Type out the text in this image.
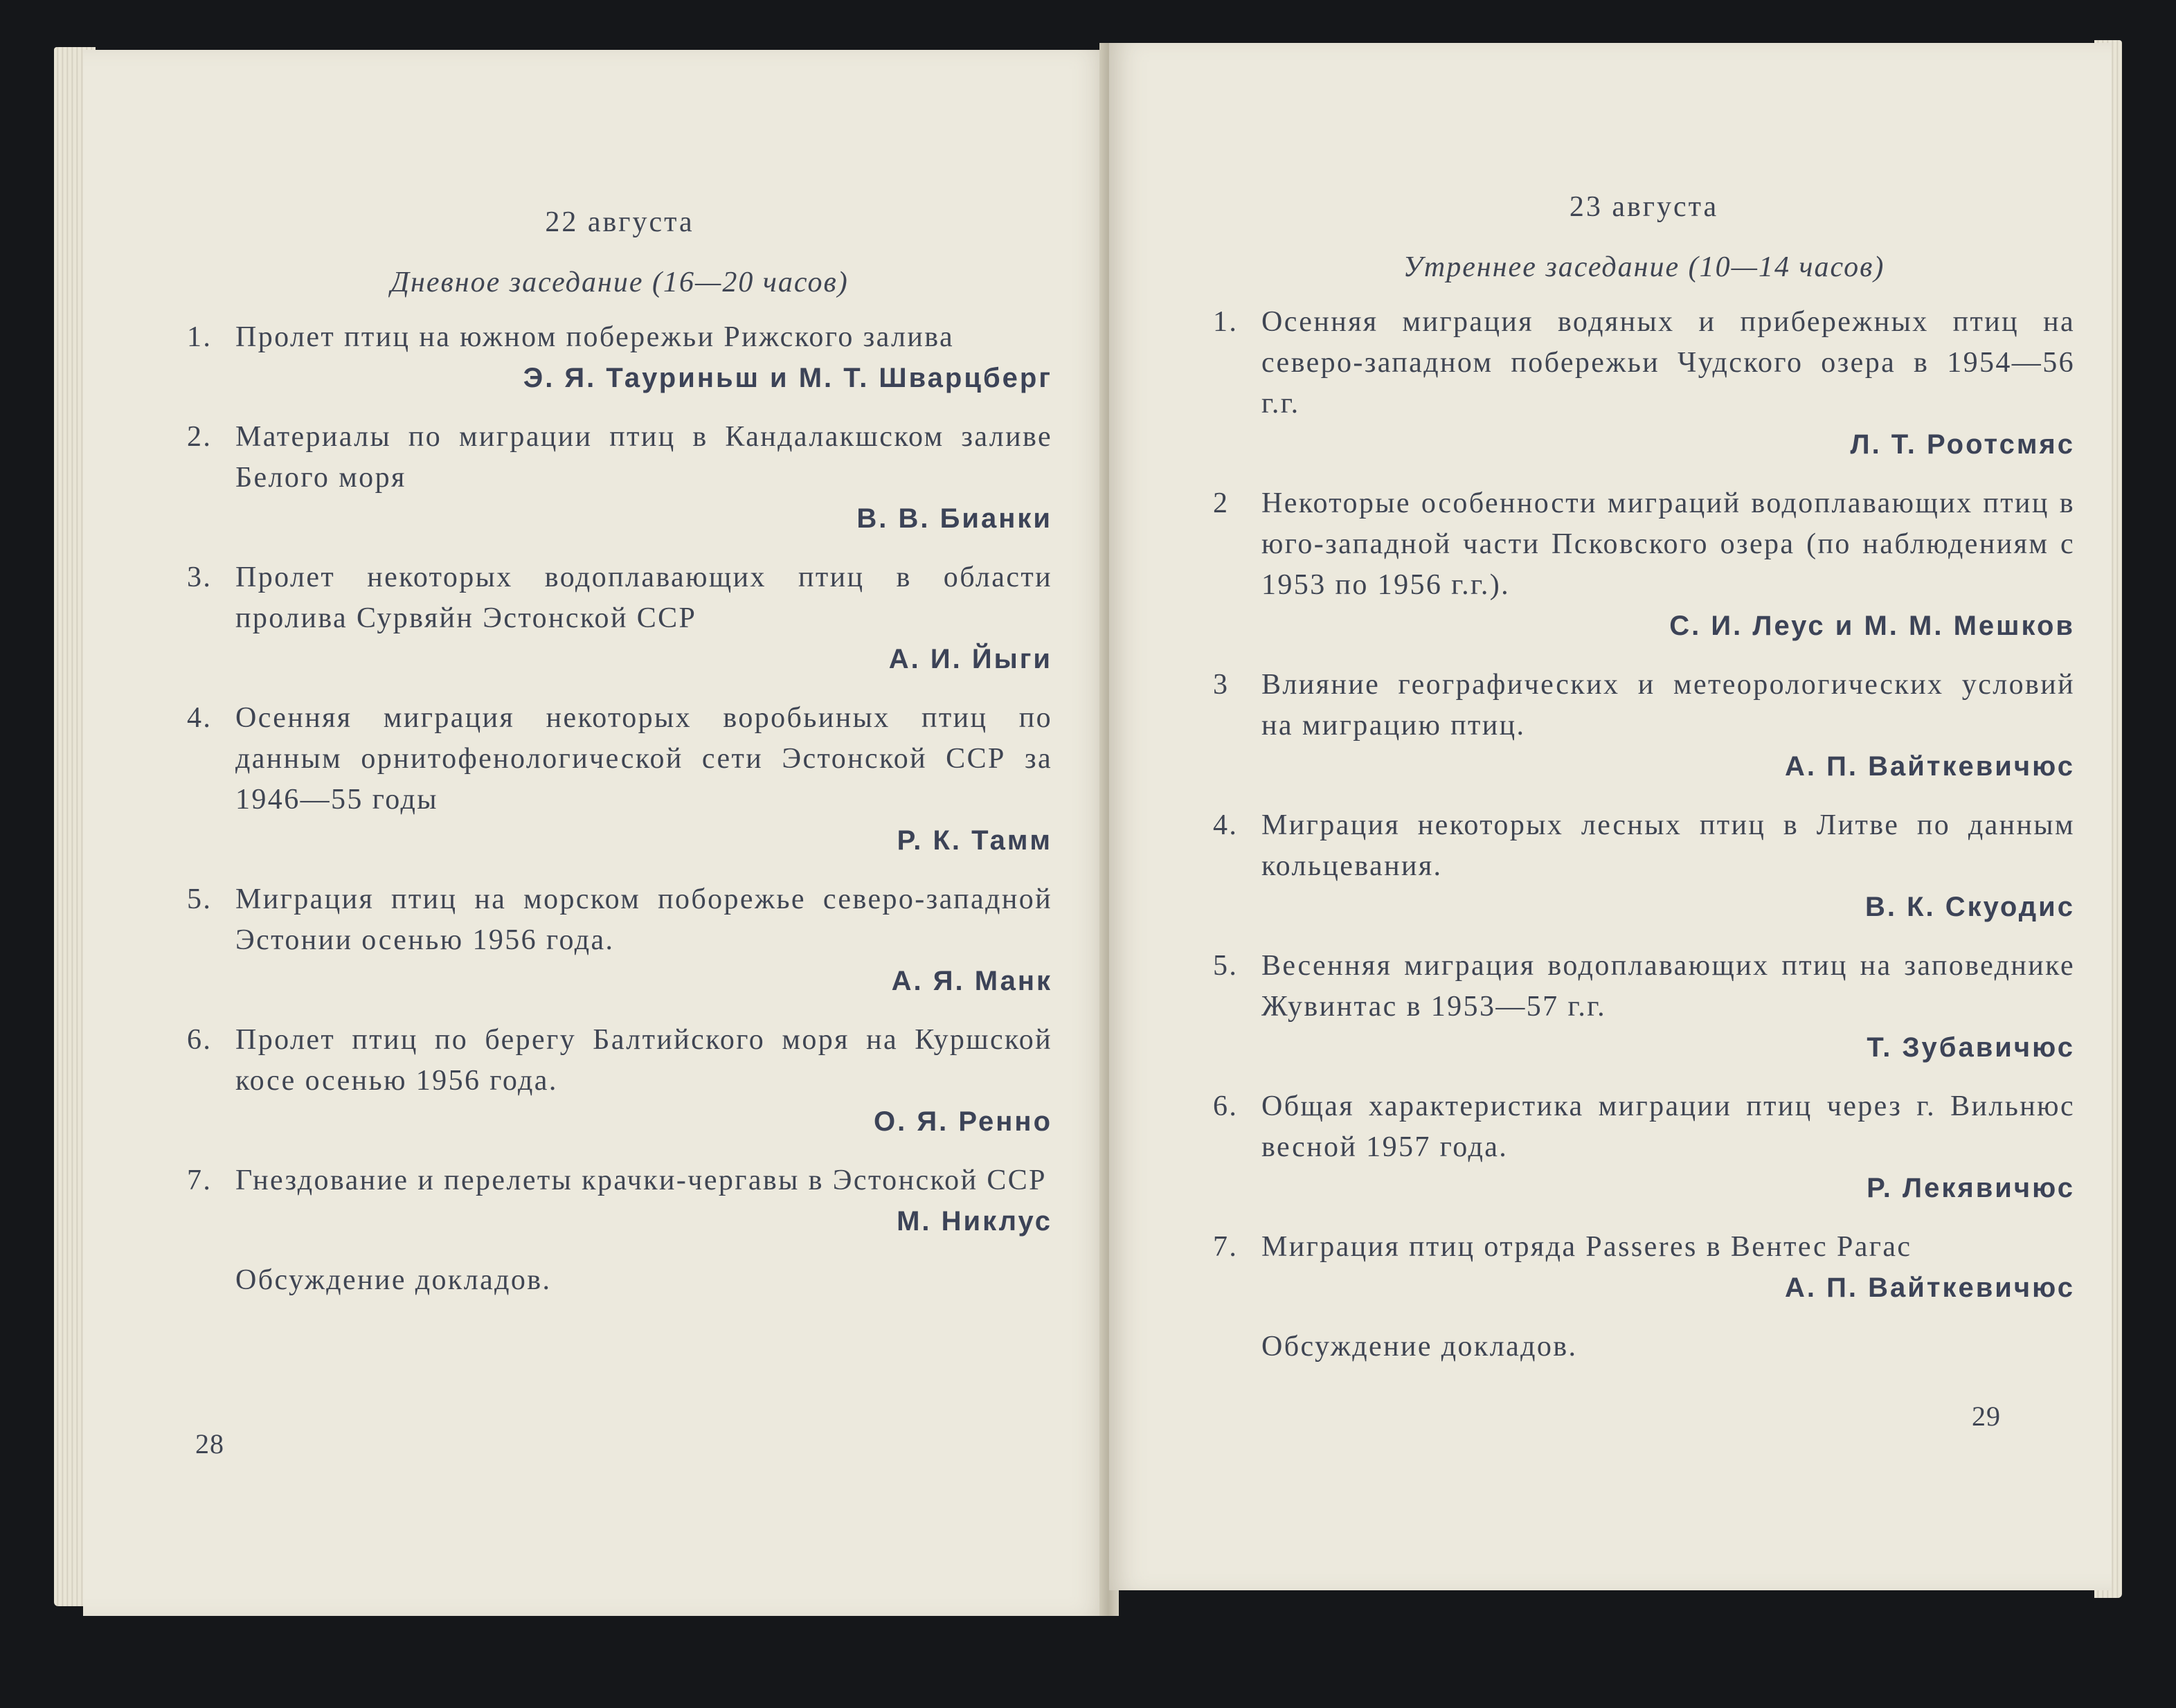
22 августа
Дневное заседание (16—20 часов)
1. Пролет птиц на южном побережьи Рижского залива
Э. Я. Тауриньш и М. Т. Шварцберг
2. Материалы по миграции птиц в Кандалакшском заливе Белого моря
В. В. Бианки
3. Пролет некоторых водоплавающих птиц в области пролива Сурвяйн Эстонской ССР
А. И. Йыги
4. Осенняя миграция некоторых воробьиных птиц по данным орнитофенологической сети Эстонской ССР за 1946—55 годы
Р. К. Тамм
5. Миграция птиц на морском поборежье северо-западной Эстонии осенью 1956 года.
А. Я. Манк
6. Пролет птиц по берегу Балтийского моря на Куршской косе осенью 1956 года.
О. Я. Ренно
7. Гнездование и перелеты крачки-чергавы в Эстонской ССР
М. Никлус
Обсуждение докладов.
28
23 августа
Утреннее заседание (10—14 часов)
1. Осенняя миграция водяных и прибережных птиц на северо-западном побережьи Чудского озера в 1954—56 г.г.
Л. Т. Роотсмяс
2	Некоторые особенности миграций водоплавающих птиц в юго-западной части Псковского озера (по наблюдениям с 1953 по 1956 г.г.).
С. И. Леус и М. М. Мешков
3	Влияние географических и метеорологических условий на миграцию птиц.
А. П. Вайткевичюс
4. Миграция некоторых лесных птиц в Литве по данным кольцевания.
В. К. Скуодис
5. Весенняя миграция водоплавающих птиц на заповеднике Жувинтас в 1953—57 г.г.
Т. Зубавичюс
6. Общая характеристика миграции птиц через г. Вильнюс весной 1957 года.
Р. Лекявичюс
7. Миграция птиц отряда Passeres в Вентес Рагас
А. П. Вайткевичюс
Обсуждение докладов.
29
